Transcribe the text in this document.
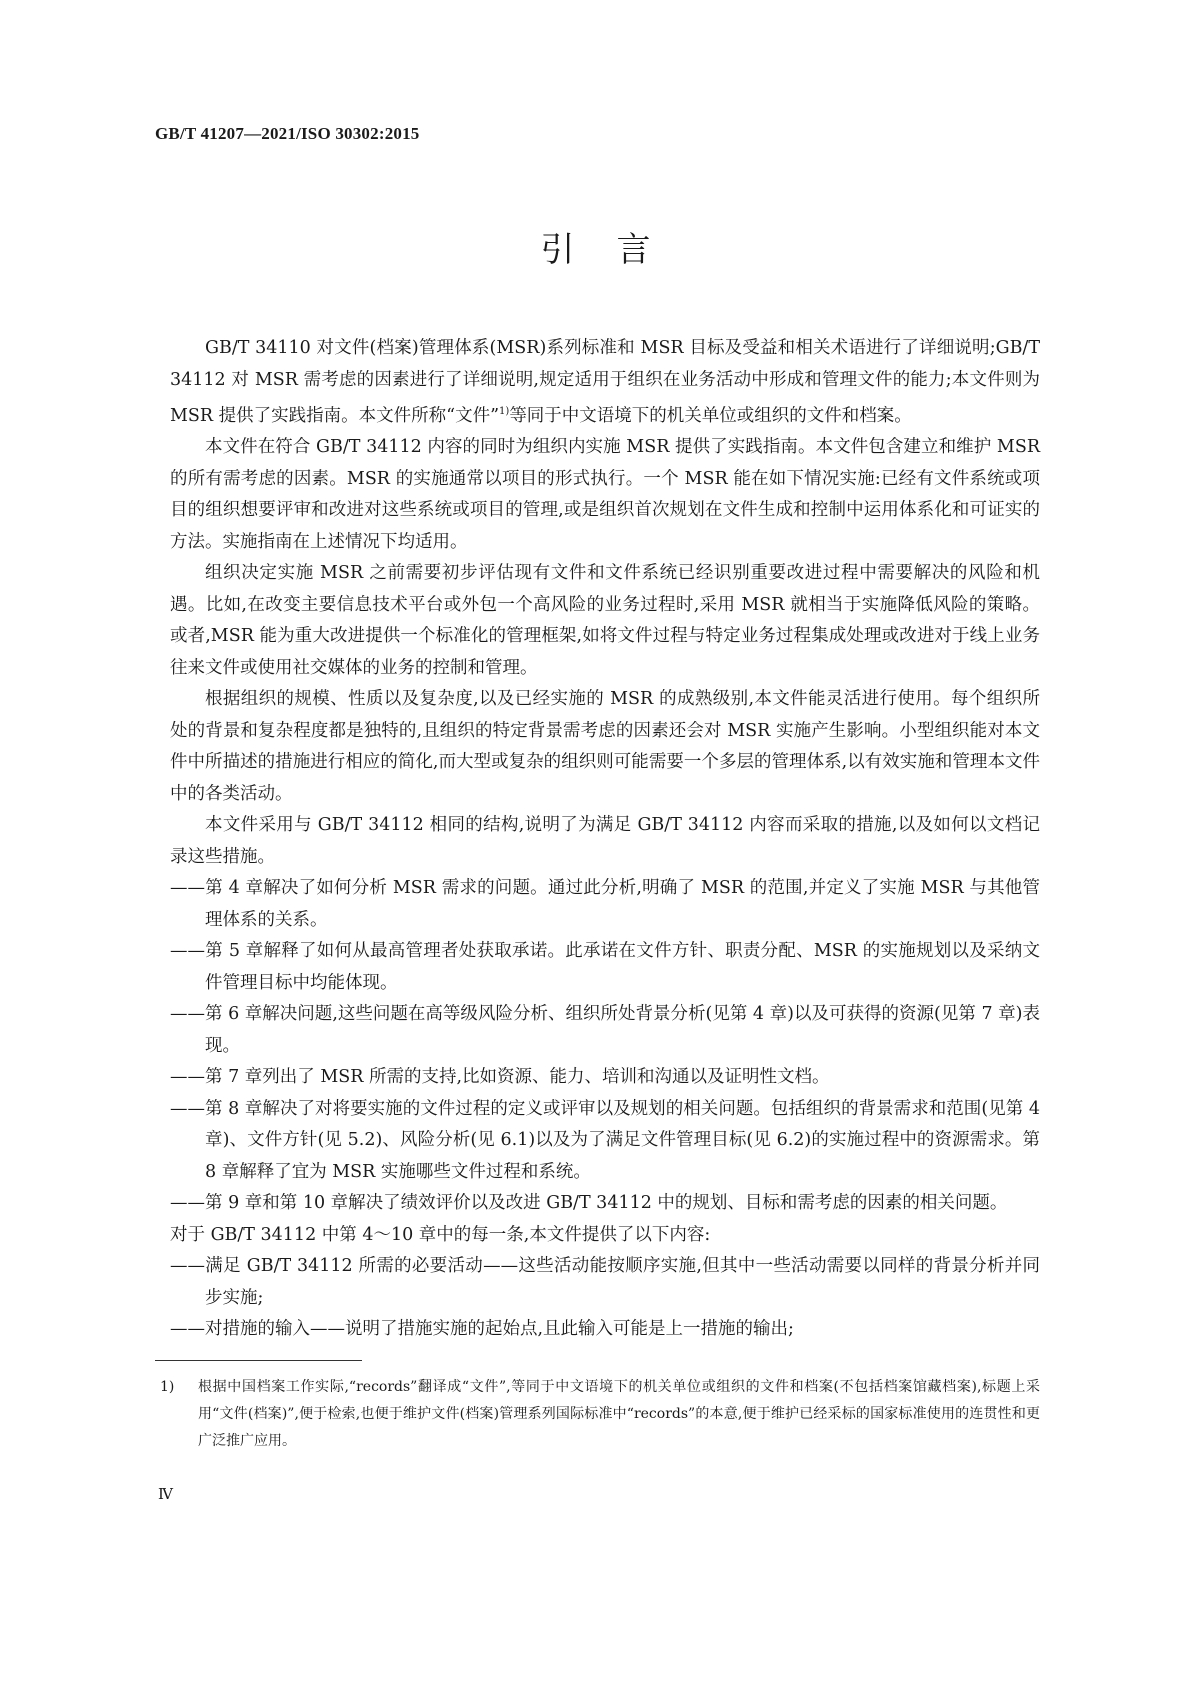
GB/T 41207—2021/ISO 30302:2015
引言

GB/T 34110 对文件(档案)管理体系(MSR)系列标准和 MSR 目标及受益和相关术语进行了详细说明;GB/T 34112 对 MSR 需考虑的因素进行了详细说明,规定适用于组织在业务活动中形成和管理文件的能力;本文件则为 MSR 提供了实践指南。本文件所称“文件”$^{1)}$等同于中文语境下的机关单位或组织的文件和档案。

本文件在符合 GB/T 34112 内容的同时为组织内实施 MSR 提供了实践指南。本文件包含建立和维护 MSR 的所有需考虑的因素。MSR 的实施通常以项目的形式执行。一个 MSR 能在如下情况实施:已经有文件系统或项目的组织想要评审和改进对这些系统或项目的管理,或是组织首次规划在文件生成和控制中运用体系化和可证实的方法。实施指南在上述情况下均适用。

组织决定实施 MSR 之前需要初步评估现有文件和文件系统已经识别重要改进过程中需要解决的风险和机遇。比如,在改变主要信息技术平台或外包一个高风险的业务过程时,采用 MSR 就相当于实施降低风险的策略。或者,MSR 能为重大改进提供一个标准化的管理框架,如将文件过程与特定业务过程集成处理或改进对于线上业务往来文件或使用社交媒体的业务的控制和管理。

根据组织的规模、性质以及复杂度,以及已经实施的 MSR 的成熟级别,本文件能灵活进行使用。每个组织所处的背景和复杂程度都是独特的,且组织的特定背景需考虑的因素还会对 MSR 实施产生影响。小型组织能对本文件中所描述的措施进行相应的简化,而大型或复杂的组织则可能需要一个多层的管理体系,以有效实施和管理本文件中的各类活动。

本文件采用与 GB/T 34112 相同的结构,说明了为满足 GB/T 34112 内容而采取的措施,以及如何以文档记录这些措施。

——第 4 章解决了如何分析 MSR 需求的问题。通过此分析,明确了 MSR 的范围,并定义了实施 MSR 与其他管理体系的关系。

——第 5 章解释了如何从最高管理者处获取承诺。此承诺在文件方针、职责分配、MSR 的实施规划以及采纳文件管理目标中均能体现。

——第 6 章解决问题,这些问题在高等级风险分析、组织所处背景分析(见第 4 章)以及可获得的资源(见第 7 章)表现。

——第 7 章列出了 MSR 所需的支持,比如资源、能力、培训和沟通以及证明性文档。

——第 8 章解决了对将要实施的文件过程的定义或评审以及规划的相关问题。包括组织的背景需求和范围(见第 4 章)、文件方针(见 5.2)、风险分析(见 6.1)以及为了满足文件管理目标(见 6.2)的实施过程中的资源需求。第 8 章解释了宜为 MSR 实施哪些文件过程和系统。

——第 9 章和第 10 章解决了绩效评价以及改进 GB/T 34112 中的规划、目标和需考虑的因素的相关问题。

对于 GB/T 34112 中第 4～10 章中的每一条,本文件提供了以下内容:

——满足 GB/T 34112 所需的必要活动——这些活动能按顺序实施,但其中一些活动需要以同样的背景分析并同步实施;

——对措施的输入——说明了措施实施的起始点,且此输入可能是上一措施的输出;

1)	根据中国档案工作实际,“records”翻译成“文件”,等同于中文语境下的机关单位或组织的文件和档案(不包括档案馆藏档案),标题上采用“文件(档案)”,便于检索,也便于维护文件(档案)管理系列国际标准中“records”的本意,便于维护已经采标的国家标准使用的连贯性和更广泛推广应用。
Ⅳ
